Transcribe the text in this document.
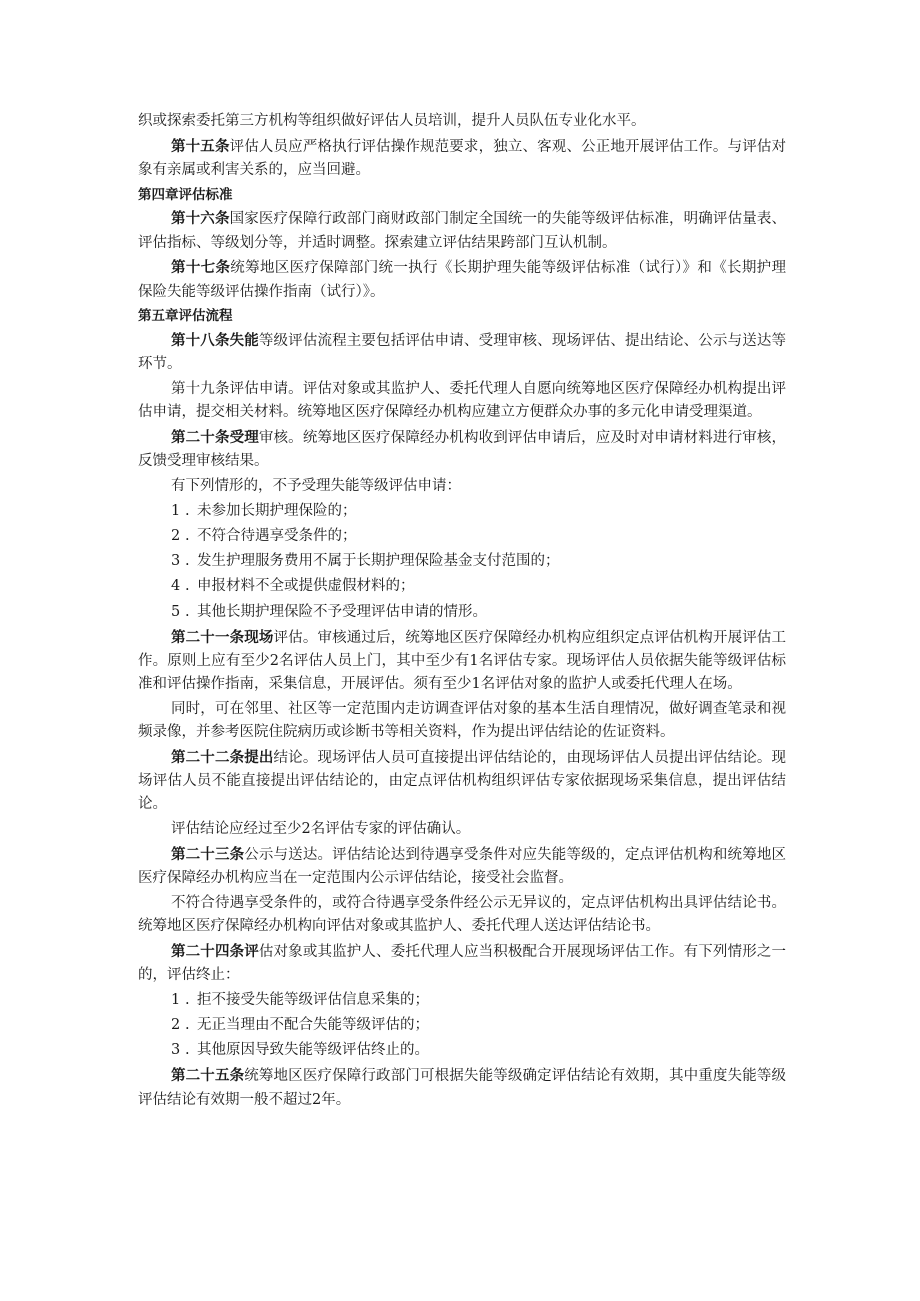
织或探索委托第三方机构等组织做好评估人员培训，提升人员队伍专业化水平。

第十五条评估人员应严格执行评估操作规范要求，独立、客观、公正地开展评估工作。与评估对象有亲属或利害关系的，应当回避。

第四章评估标准

第十六条国家医疗保障行政部门商财政部门制定全国统一的失能等级评估标准，明确评估量表、评估指标、等级划分等，并适时调整。探索建立评估结果跨部门互认机制。

第十七条统筹地区医疗保障部门统一执行《长期护理失能等级评估标准（试行）》和《长期护理保险失能等级评估操作指南（试行）》。

第五章评估流程

第十八条失能等级评估流程主要包括评估申请、受理审核、现场评估、提出结论、公示与送达等环节。

第十九条评估申请。评估对象或其监护人、委托代理人自愿向统筹地区医疗保障经办机构提出评估申请，提交相关材料。统筹地区医疗保障经办机构应建立方便群众办事的多元化申请受理渠道。

第二十条受理审核。统筹地区医疗保障经办机构收到评估申请后，应及时对申请材料进行审核，反馈受理审核结果。

有下列情形的，不予受理失能等级评估申请：

1 . 未参加长期护理保险的；
2 . 不符合待遇享受条件的；
3 . 发生护理服务费用不属于长期护理保险基金支付范围的；
4 . 申报材料不全或提供虚假材料的；
5 . 其他长期护理保险不予受理评估申请的情形。

第二十一条现场评估。审核通过后，统筹地区医疗保障经办机构应组织定点评估机构开展评估工作。原则上应有至少2名评估人员上门，其中至少有1名评估专家。现场评估人员依据失能等级评估标准和评估操作指南，采集信息，开展评估。须有至少1名评估对象的监护人或委托代理人在场。

同时，可在邻里、社区等一定范围内走访调查评估对象的基本生活自理情况，做好调查笔录和视频录像，并参考医院住院病历或诊断书等相关资料，作为提出评估结论的佐证资料。

第二十二条提出结论。现场评估人员可直接提出评估结论的，由现场评估人员提出评估结论。现场评估人员不能直接提出评估结论的，由定点评估机构组织评估专家依据现场采集信息，提出评估结论。

评估结论应经过至少2名评估专家的评估确认。

第二十三条公示与送达。评估结论达到待遇享受条件对应失能等级的，定点评估机构和统筹地区医疗保障经办机构应当在一定范围内公示评估结论，接受社会监督。

不符合待遇享受条件的，或符合待遇享受条件经公示无异议的，定点评估机构出具评估结论书。统筹地区医疗保障经办机构向评估对象或其监护人、委托代理人送达评估结论书。

第二十四条评估对象或其监护人、委托代理人应当积极配合开展现场评估工作。有下列情形之一的，评估终止：

1 . 拒不接受失能等级评估信息采集的；
2 . 无正当理由不配合失能等级评估的；
3 . 其他原因导致失能等级评估终止的。

第二十五条统筹地区医疗保障行政部门可根据失能等级确定评估结论有效期，其中重度失能等级评估结论有效期一般不超过2年。
